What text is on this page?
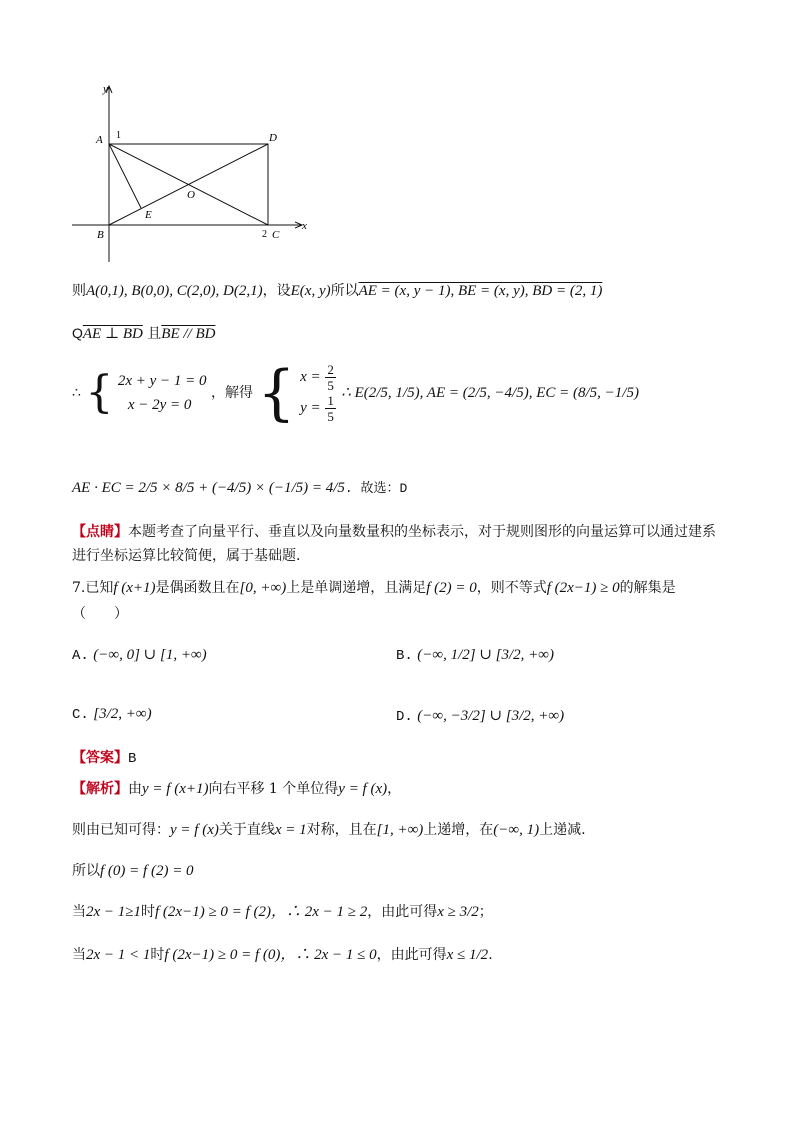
y
x
A 1	D
O
E
B	2 C
则A(0,1), B(0,0), C(2,0), D(2,1)，设E(x, y)所以AE = (x, y − 1), BE = (x, y), BD = (2, 1)
QAE ⊥ BD 且BE // BD
∴ { 2x + y − 1 = 0
x − 2y = 0 ，解得 { $x = \frac{2}{5}$

$y = \frac{1}{5}$ ∴ E(2/5, 1/5), AE = (2/5, −4/5), EC = (8/5, −1/5)
AE · EC = 2/5 × 8/5 + (−4/5) × (−1/5) = 4/5. 故选：D
【点睛】本题考查了向量平行、垂直以及向量数量积的坐标表示，对于规则图形的向量运算可以通过建系
进行坐标运算比较简便，属于基础题.
7.已知f (x+1)是偶函数且在[0, +∞)上是单调递增，且满足f (2) = 0，则不等式f (2x−1) ≥ 0的解集是
（　　）
A. (−∞, 0] ∪ [1, +∞)	B. (−∞, 1/2] ∪ [3/2, +∞)
C. [3/2, +∞)	D. (−∞, −3/2] ∪ [3/2, +∞)
【答案】B
【解析】由y = f (x+1)向右平移 1 个单位得y = f (x)，
则由已知可得：y = f (x)关于直线x = 1对称，且在[1, +∞)上递增，在(−∞, 1)上递减.
所以f (0) = f (2) = 0
当2x − 1≥1时f (2x−1) ≥ 0 = f (2)，∴ 2x − 1 ≥ 2，由此可得x ≥ 3/2；
当2x − 1 < 1时f (2x−1) ≥ 0 = f (0)，∴ 2x − 1 ≤ 0，由此可得x ≤ 1/2.
